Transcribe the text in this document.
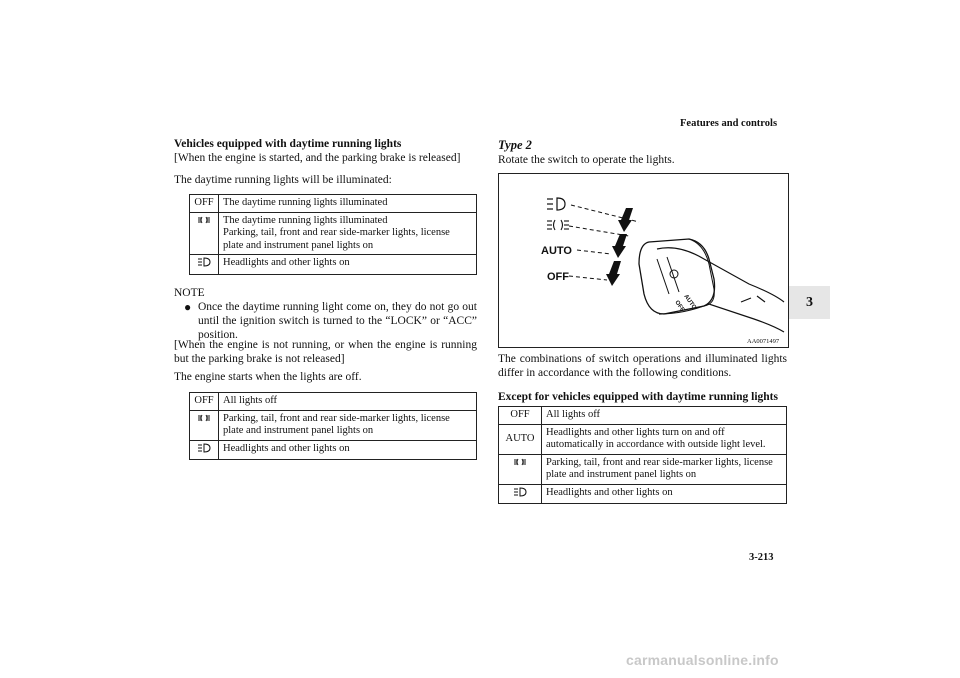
Features and controls
3-213
3
Vehicles equipped with daytime running lights
[When the engine is started, and the parking brake is released]
The daytime running lights will be illuminated:
OFF	The daytime running lights illuminated
	The daytime running lights illuminated
Parking, tail, front and rear side-marker lights, license plate and instrument panel lights on
	Headlights and other lights on
NOTE
● Once the daytime running light come on, they do not go out until the ignition switch is turned to the “LOCK” or “ACC” position.
[When the engine is not running, or when the engine is running but the parking brake is not released]
The engine starts when the lights are off.
OFF	All lights off
	Parking, tail, front and rear side-marker lights, license plate and instrument panel lights on
	Headlights and other lights on
Type 2
Rotate the switch to operate the lights.
AUTO
OFF
AUTO
OFF
AA0071497
The combinations of switch operations and illuminated lights differ in accordance with the following conditions.
Except for vehicles equipped with daytime running lights
OFF	All lights off
AUTO	Headlights and other lights turn on and off automatically in accordance with outside light level.
	Parking, tail, front and rear side-marker lights, license plate and instrument panel lights on
	Headlights and other lights on
carmanualsonline.info
